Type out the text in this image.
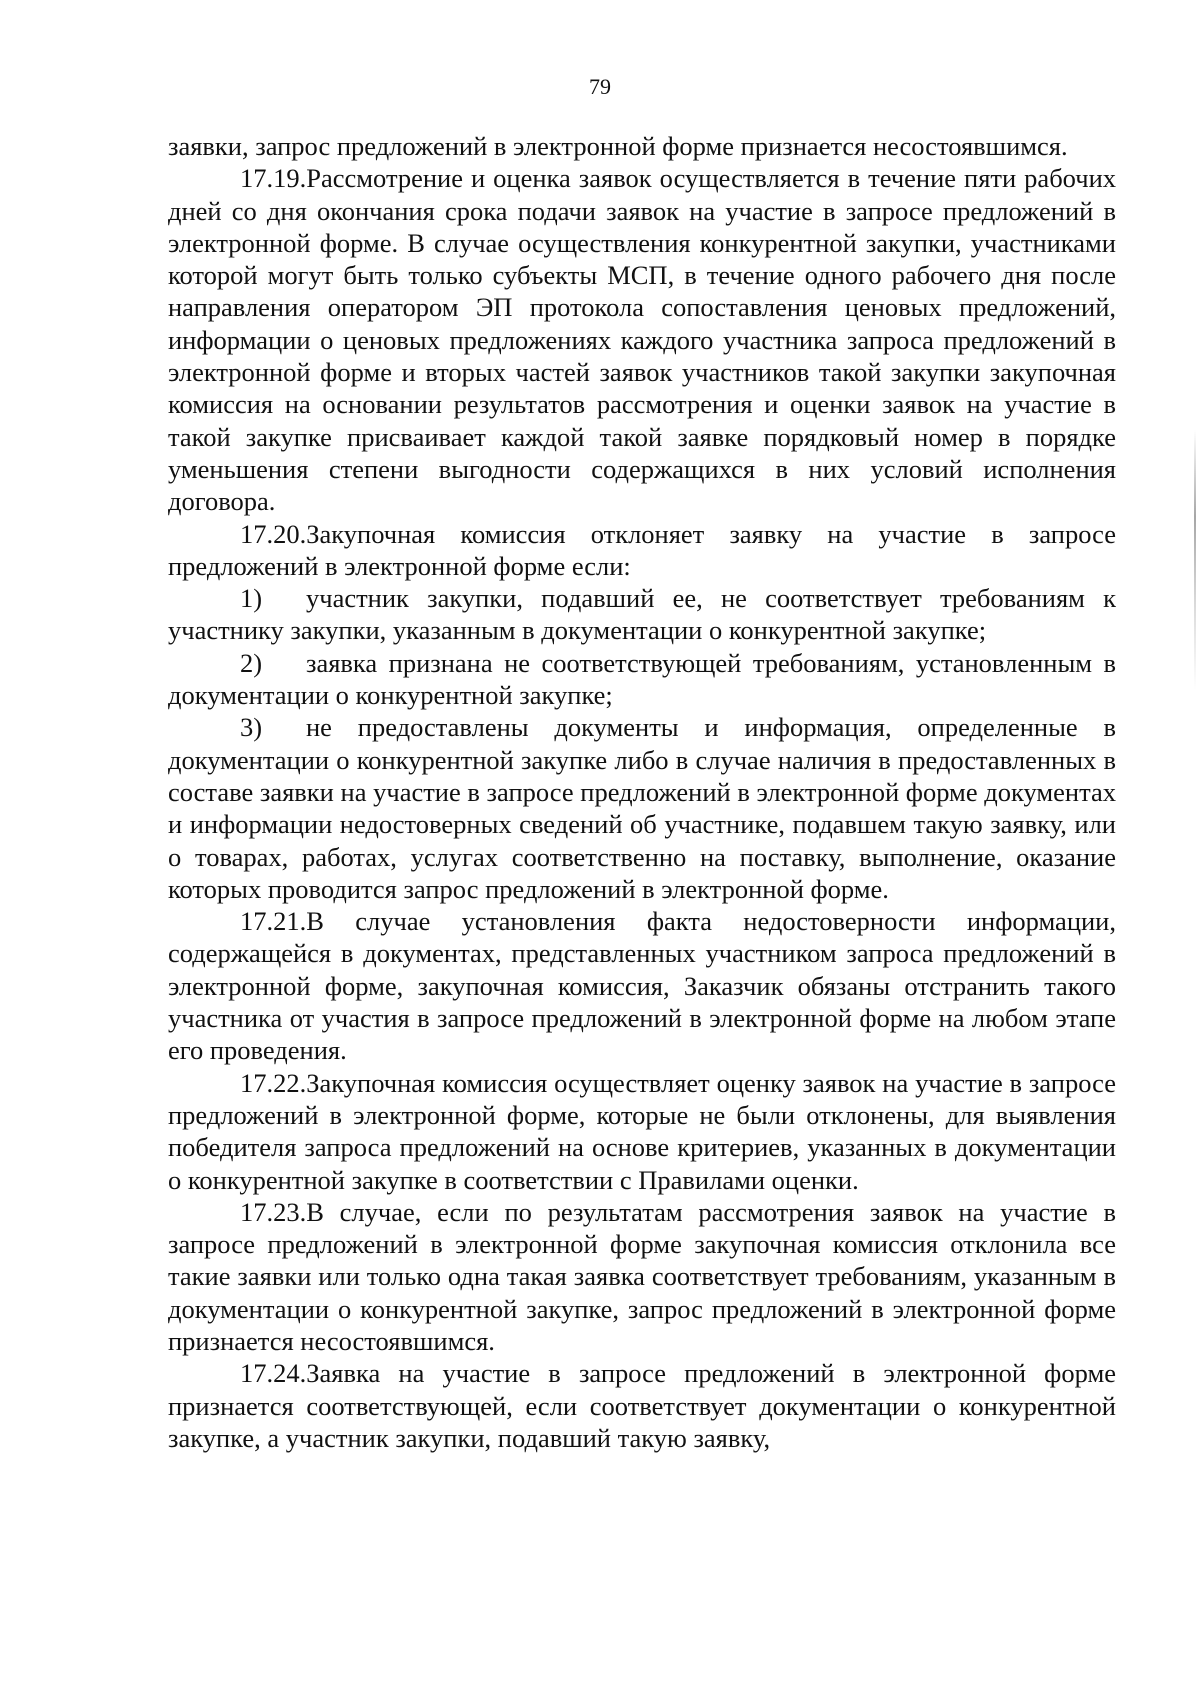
79

заявки, запрос предложений в электронной форме признается несостоявшимся.

17.19.Рассмотрение и оценка заявок осуществляется в течение пяти рабочих дней со дня окончания срока подачи заявок на участие в запросе предложений в электронной форме. В случае осуществления конкурентной закупки, участниками которой могут быть только субъекты МСП, в течение одного рабочего дня после направления оператором ЭП протокола сопоставления ценовых предложений, информации о ценовых предложениях каждого участника запроса предложений в электронной форме и вторых частей заявок участников такой закупки закупочная комиссия на основании результатов рассмотрения и оценки заявок на участие в такой закупке присваивает каждой такой заявке порядковый номер в порядке уменьшения степени выгодности содержащихся в них условий исполнения договора.

17.20.Закупочная комиссия отклоняет заявку на участие в запросе предложений в электронной форме если:

1) участник закупки, подавший ее, не соответствует требованиям к участнику закупки, указанным в документации о конкурентной закупке;

2) заявка признана не соответствующей требованиям, установленным в документации о конкурентной закупке;

3) не предоставлены документы и информация, определенные в документации о конкурентной закупке либо в случае наличия в предоставленных в составе заявки на участие в запросе предложений в электронной форме документах и информации недостоверных сведений об участнике, подавшем такую заявку, или о товарах, работах, услугах соответственно на поставку, выполнение, оказание которых проводится запрос предложений в электронной форме.

17.21.В случае установления факта недостоверности информации, содержащейся в документах, представленных участником запроса предложений в электронной форме, закупочная комиссия, Заказчик обязаны отстранить такого участника от участия в запросе предложений в электронной форме на любом этапе его проведения.

17.22.Закупочная комиссия осуществляет оценку заявок на участие в запросе предложений в электронной форме, которые не были отклонены, для выявления победителя запроса предложений на основе критериев, указанных в документации о конкурентной закупке в соответствии с Правилами оценки.

17.23.В случае, если по результатам рассмотрения заявок на участие в запросе предложений в электронной форме закупочная комиссия отклонила все такие заявки или только одна такая заявка соответствует требованиям, указанным в документации о конкурентной закупке, запрос предложений в электронной форме признается несостоявшимся.

17.24.Заявка на участие в запросе предложений в электронной форме признается соответствующей, если соответствует документации о конкурентной закупке, а участник закупки, подавший такую заявку,
